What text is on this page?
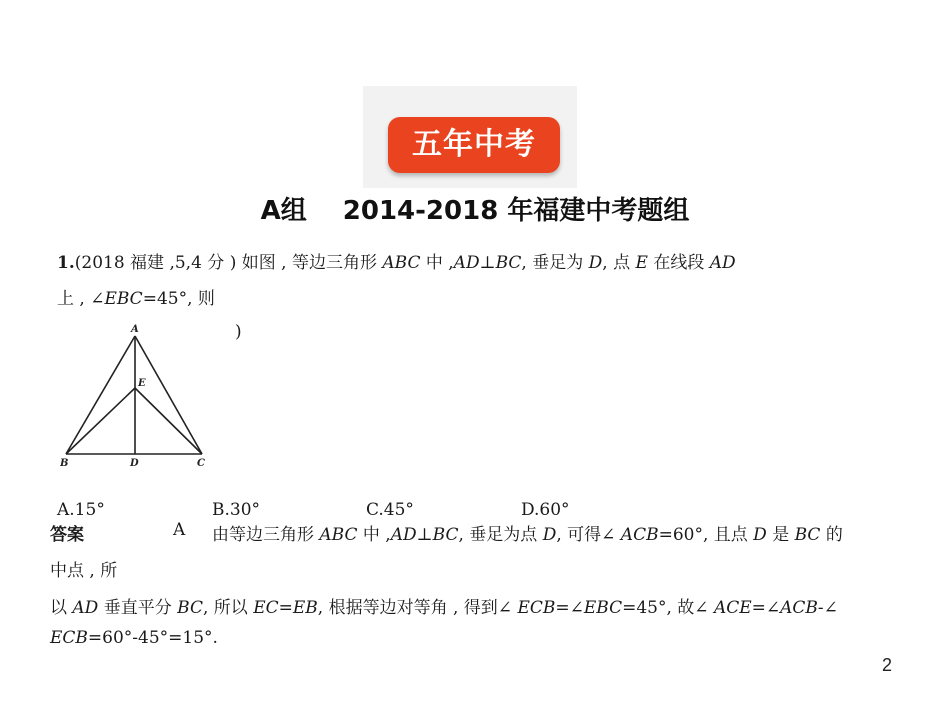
五年中考
A组 2014-2018 年福建中考题组
1.(2018 福建 ,5,4 分 ) 如图 , 等边三角形 ABC 中 ,AD⊥BC, 垂足为 D, 点 E 在线段 AD
上 , ∠EBC=45°, 则
)
A
B	D	C
E
A.15°	B.30°	C.45°	D.60°
答案	A 由等边三角形 ABC 中 ,AD⊥BC, 垂足为点 D, 可得∠ ACB=60°, 且点 D 是 BC 的
中点 , 所
以 AD 垂直平分 BC, 所以 EC=EB, 根据等边对等角 , 得到∠ ECB=∠EBC=45°, 故∠ ACE=∠ACB-∠
ECB=60°-45°=15°.
2
